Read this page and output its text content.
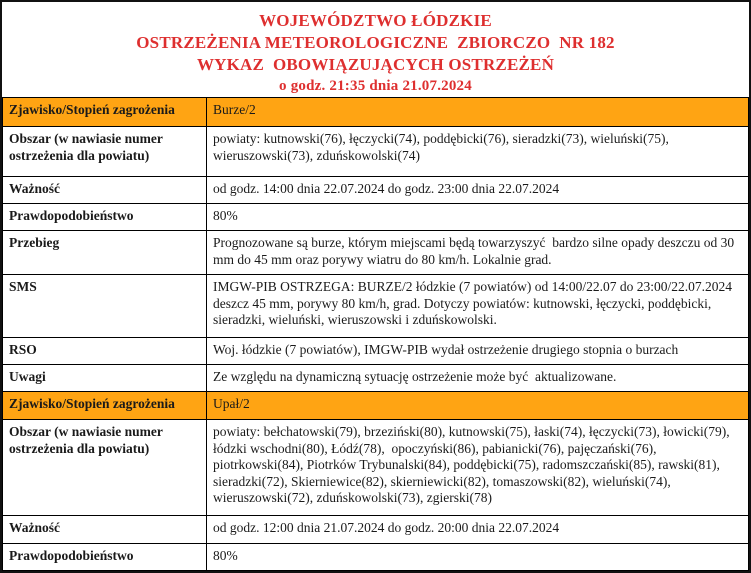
WOJEWÓDZTWO ŁÓDZKIE
OSTRZEŻENIA METEOROLOGICZNE  ZBIORCZO  NR 182
WYKAZ  OBOWIĄZUJĄCYCH OSTRZEŻEŃ
o godz. 21:35 dnia 21.07.2024
Zjawisko/Stopień zagrożenia	Burze/2
Obszar (w nawiasie numer ostrzeżenia dla powiatu)	powiaty: kutnowski(76), łęczycki(74), poddębicki(76), sieradzki(73), wieluński(75), wieruszowski(73), zduńskowolski(74)
Ważność	od godz. 14:00 dnia 22.07.2024 do godz. 23:00 dnia 22.07.2024
Prawdopodobieństwo	80%
Przebieg	Prognozowane są burze, którym miejscami będą towarzyszyć  bardzo silne opady deszczu od 30 mm do 45 mm oraz porywy wiatru do 80 km/h. Lokalnie grad.
SMS	IMGW-PIB OSTRZEGA: BURZE/2 łódzkie (7 powiatów) od 14:00/22.07 do 23:00/22.07.2024 deszcz 45 mm, porywy 80 km/h, grad. Dotyczy powiatów: kutnowski, łęczycki, poddębicki, sieradzki, wieluński, wieruszowski i zduńskowolski.
RSO	Woj. łódzkie (7 powiatów), IMGW-PIB wydał ostrzeżenie drugiego stopnia o burzach
Uwagi	Ze względu na dynamiczną sytuację ostrzeżenie może być  aktualizowane.
Zjawisko/Stopień zagrożenia	Upał/2
Obszar (w nawiasie numer ostrzeżenia dla powiatu)	powiaty: bełchatowski(79), brzeziński(80), kutnowski(75), łaski(74), łęczycki(73), łowicki(79), łódzki wschodni(80), Łódź(78),  opoczyński(86), pabianicki(76), pajęczański(76), piotrkowski(84), Piotrków Trybunalski(84), poddębicki(75), radomszczański(85), rawski(81), sieradzki(72), Skierniewice(82), skierniewicki(82), tomaszowski(82), wieluński(74), wieruszowski(72), zduńskowolski(73), zgierski(78)
Ważność	od godz. 12:00 dnia 21.07.2024 do godz. 20:00 dnia 22.07.2024
Prawdopodobieństwo	80%
